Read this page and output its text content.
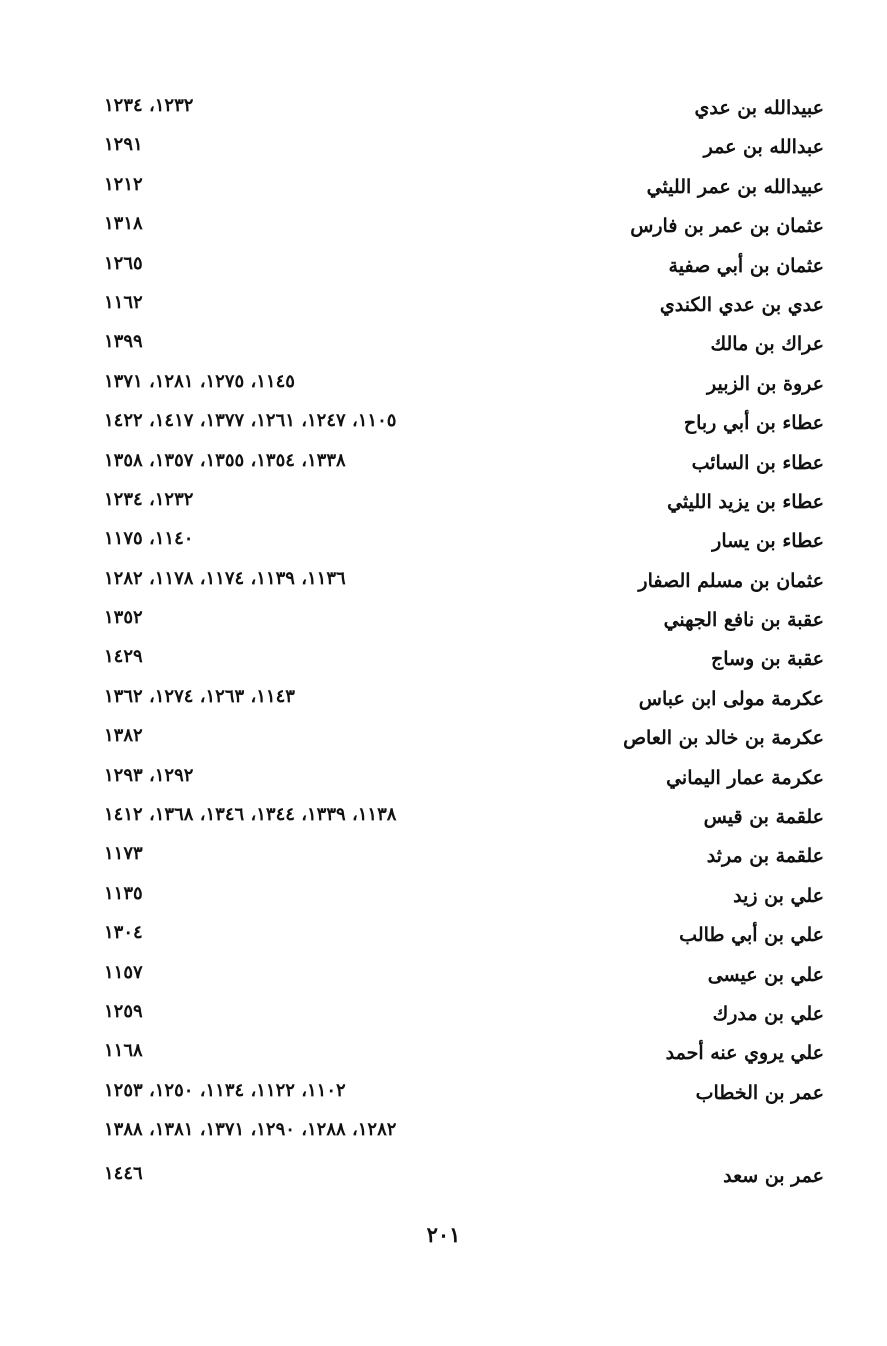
عبيدالله بن عدي
١٢٣٢، ١٢٣٤
عبدالله بن عمر
١٢٩١
عبيدالله بن عمر الليثي
١٢١٢
عثمان بن عمر بن فارس
١٣١٨
عثمان بن أبي صفية
١٢٦٥
عدي بن عدي الكندي
١١٦٢
عراك بن مالك
١٣٩٩
عروة بن الزبير
١١٤٥، ١٢٧٥، ١٢٨١، ١٣٧١
عطاء بن أبي رباح
١١٠٥، ١٢٤٧، ١٢٦١، ١٣٧٧، ١٤١٧، ١٤٢٢
عطاء بن السائب
١٣٣٨، ١٣٥٤، ١٣٥٥، ١٣٥٧، ١٣٥٨
عطاء بن يزيد الليثي
١٢٣٢، ١٢٣٤
عطاء بن يسار
١١٤٠، ١١٧٥
عثمان بن مسلم الصفار
١١٣٦، ١١٣٩، ١١٧٤، ١١٧٨، ١٢٨٢
عقبة بن نافع الجهني
١٣٥٢
عقبة بن وساج
١٤٢٩
عكرمة مولى ابن عباس
١١٤٣، ١٢٦٣، ١٢٧٤، ١٣٦٢
عكرمة بن خالد بن العاص
١٣٨٢
عكرمة عمار اليماني
١٢٩٢، ١٢٩٣
علقمة بن قيس
١١٣٨، ١٣٣٩، ١٣٤٤، ١٣٤٦، ١٣٦٨، ١٤١٢
علقمة بن مرثد
١١٧٣
علي بن زيد
١١٣٥
علي بن أبي طالب
١٣٠٤
علي بن عيسى
١١٥٧
علي بن مدرك
١٢٥٩
علي يروي عنه أحمد
١١٦٨
عمر بن الخطاب
١١٠٢، ١١٢٢، ١١٣٤، ١٢٥٠، ١٢٥٣
١٢٨٢، ١٢٨٨، ١٢٩٠، ١٣٧١، ١٣٨١، ١٣٨٨
عمر بن سعد
١٤٤٦
٢٠١
